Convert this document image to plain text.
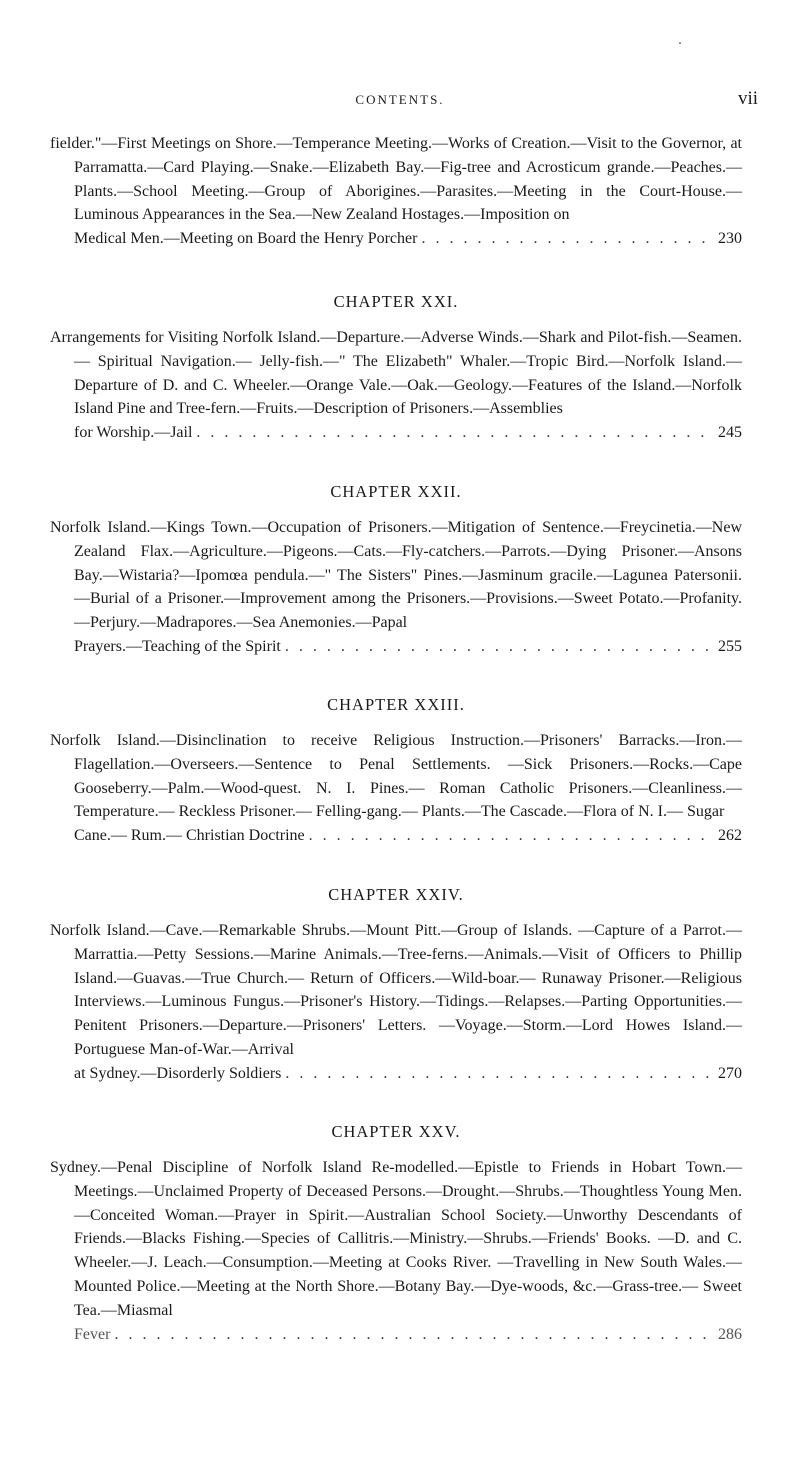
CONTENTS.	vii
fielder."—First Meetings on Shore.—Temperance Meeting.—Works of Creation.—Visit to the Governor, at Parramatta.—Card Playing.—Snake.—Elizabeth Bay.—Fig-tree and Acrosticum grande.—Peaches.—Plants.—School Meeting.—Group of Aborigines.—Parasites.—Meeting in the Court-House.—Luminous Appearances in the Sea.—New Zealand Hostages.—Imposition on
Medical Men.—Meeting on Board the Henry Porcher . . .	230
CHAPTER XXI.
Arrangements for Visiting Norfolk Island.—Departure.—Adverse Winds.—Shark and Pilot-fish.—Seamen.— Spiritual Navigation.— Jelly-fish.—" The Elizabeth" Whaler.—Tropic Bird.—Norfolk Island.—Departure of D. and C. Wheeler.—Orange Vale.—Oak.—Geology.—Features of the Island.—Norfolk Island Pine and Tree-fern.—Fruits.—Description of Prisoners.—Assemblies
for Worship.—Jail . . .	245
CHAPTER XXII.
Norfolk Island.—Kings Town.—Occupation of Prisoners.—Mitigation of Sentence.—Freycinetia.—New Zealand Flax.—Agriculture.—Pigeons.—Cats.—Fly-catchers.—Parrots.—Dying Prisoner.—Ansons Bay.—Wistaria?—Ipomœa pendula.—" The Sisters" Pines.—Jasminum gracile.—Lagunea Patersonii.—Burial of a Prisoner.—Improvement among the Prisoners.—Provisions.—Sweet Potato.—Profanity.—Perjury.—Madrapores.—Sea Anemonies.—Papal
Prayers.—Teaching of the Spirit . . .	255
CHAPTER XXIII.
Norfolk Island.—Disinclination to receive Religious Instruction.—Prisoners' Barracks.—Iron.—Flagellation.—Overseers.—Sentence to Penal Settlements. —Sick Prisoners.—Rocks.—Cape Gooseberry.—Palm.—Wood-quest. N. I. Pines.— Roman Catholic Prisoners.—Cleanliness.—Temperature.— Reckless Prisoner.— Felling-gang.— Plants.—The Cascade.—Flora of N. I.— Sugar
Cane.— Rum.— Christian Doctrine . . .	262
CHAPTER XXIV.
Norfolk Island.—Cave.—Remarkable Shrubs.—Mount Pitt.—Group of Islands. —Capture of a Parrot.—Marrattia.—Petty Sessions.—Marine Animals.—Tree-ferns.—Animals.—Visit of Officers to Phillip Island.—Guavas.—True Church.— Return of Officers.—Wild-boar.— Runaway Prisoner.—Religious Interviews.—Luminous Fungus.—Prisoner's History.—Tidings.—Relapses.—Parting Opportunities.—Penitent Prisoners.—Departure.—Prisoners' Letters. —Voyage.—Storm.—Lord Howes Island.—Portuguese Man-of-War.—Arrival
at Sydney.—Disorderly Soldiers . . .	270
CHAPTER XXV.
Sydney.—Penal Discipline of Norfolk Island Re-modelled.—Epistle to Friends in Hobart Town.—Meetings.—Unclaimed Property of Deceased Persons.—Drought.—Shrubs.—Thoughtless Young Men.—Conceited Woman.—Prayer in Spirit.—Australian School Society.—Unworthy Descendants of Friends.—Blacks Fishing.—Species of Callitris.—Ministry.—Shrubs.—Friends' Books. —D. and C. Wheeler.—J. Leach.—Consumption.—Meeting at Cooks River. —Travelling in New South Wales.—Mounted Police.—Meeting at the North Shore.—Botany Bay.—Dye-woods, &c.—Grass-tree.— Sweet Tea.—Miasmal
Fever . . .	286
